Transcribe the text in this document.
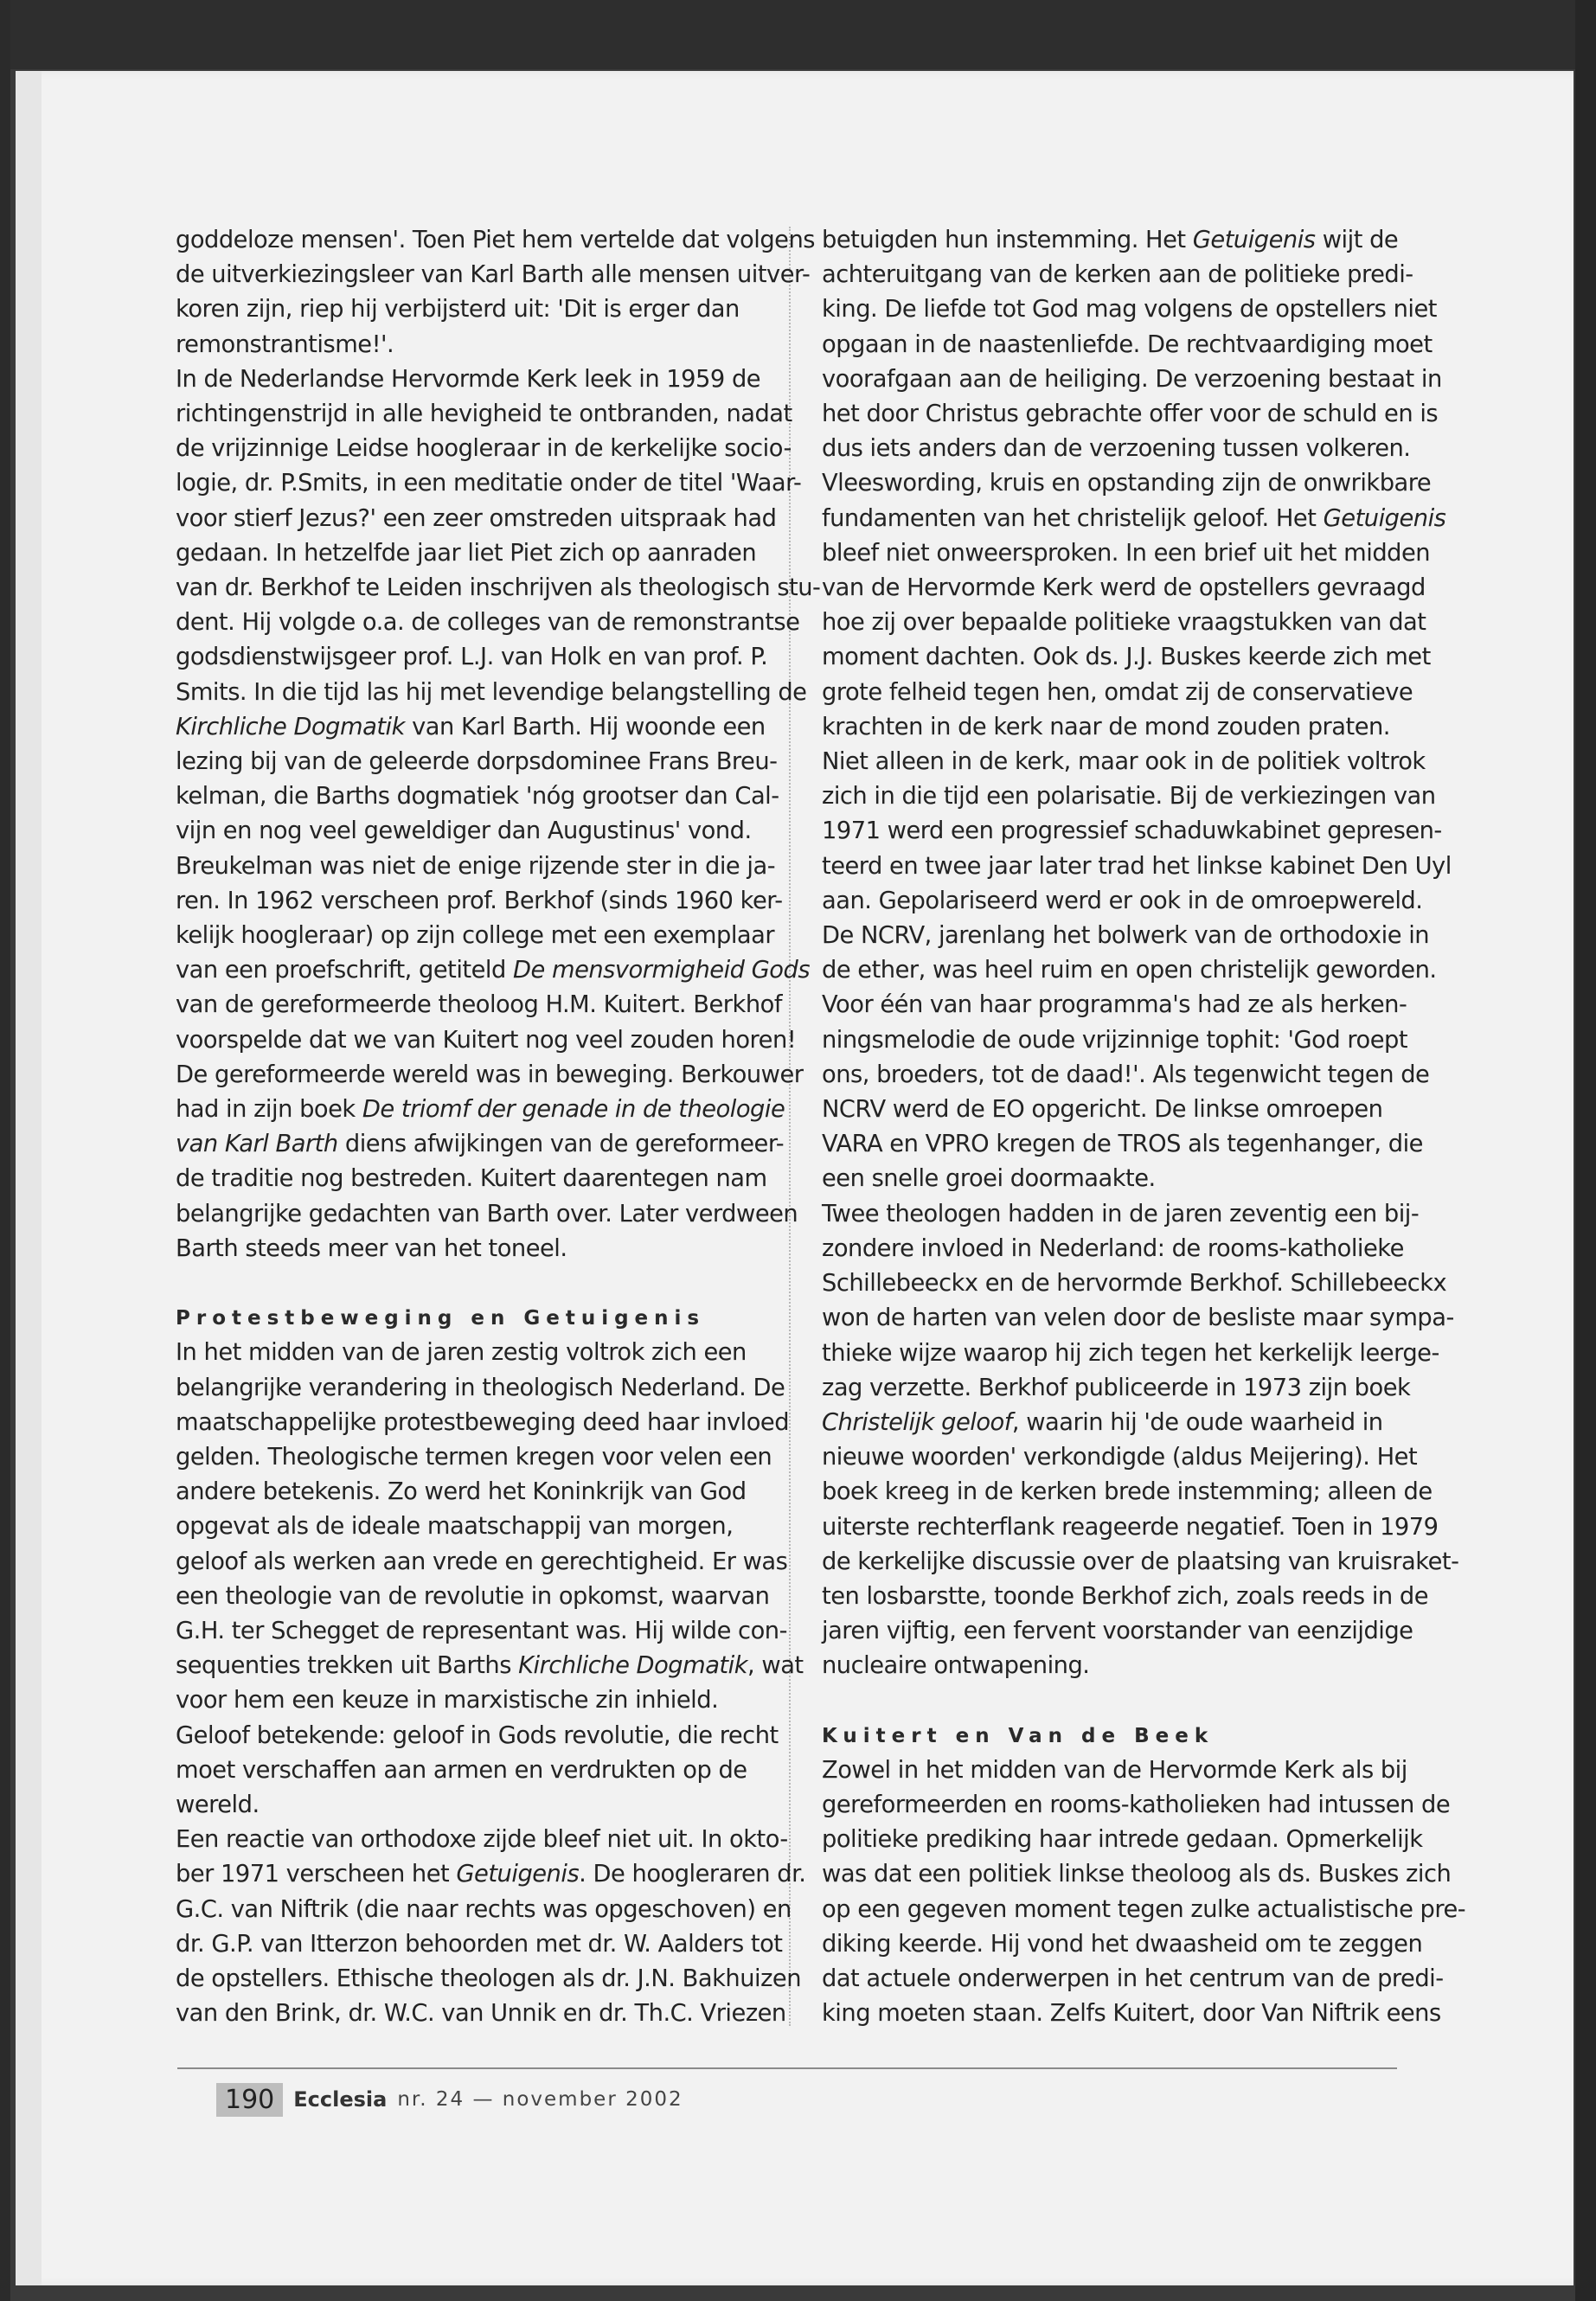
goddeloze mensen'. Toen Piet hem vertelde dat volgens
de uitverkiezingsleer van Karl Barth alle mensen uitver-
koren zijn, riep hij verbijsterd uit: 'Dit is erger dan
remonstrantisme!'.
In de Nederlandse Hervormde Kerk leek in 1959 de
richtingenstrijd in alle hevigheid te ontbranden, nadat
de vrijzinnige Leidse hoogleraar in de kerkelijke socio-
logie, dr. P.Smits, in een meditatie onder de titel 'Waar-
voor stierf Jezus?' een zeer omstreden uitspraak had
gedaan. In hetzelfde jaar liet Piet zich op aanraden
van dr. Berkhof te Leiden inschrijven als theologisch stu-
dent. Hij volgde o.a. de colleges van de remonstrantse
godsdienstwijsgeer prof. L.J. van Holk en van prof. P.
Smits. In die tijd las hij met levendige belangstelling de
Kirchliche Dogmatik van Karl Barth. Hij woonde een
lezing bij van de geleerde dorpsdominee Frans Breu-
kelman, die Barths dogmatiek 'nóg grootser dan Cal-
vijn en nog veel geweldiger dan Augustinus' vond.
Breukelman was niet de enige rijzende ster in die ja-
ren. In 1962 verscheen prof. Berkhof (sinds 1960 ker-
kelijk hoogleraar) op zijn college met een exemplaar
van een proefschrift, getiteld De mensvormigheid Gods
van de gereformeerde theoloog H.M. Kuitert. Berkhof
voorspelde dat we van Kuitert nog veel zouden horen!
De gereformeerde wereld was in beweging. Berkouwer
had in zijn boek De triomf der genade in de theologie
van Karl Barth diens afwijkingen van de gereformeer-
de traditie nog bestreden. Kuitert daarentegen nam
belangrijke gedachten van Barth over. Later verdween
Barth steeds meer van het toneel.
Protestbeweging en Getuigenis
In het midden van de jaren zestig voltrok zich een
belangrijke verandering in theologisch Nederland. De
maatschappelijke protestbeweging deed haar invloed
gelden. Theologische termen kregen voor velen een
andere betekenis. Zo werd het Koninkrijk van God
opgevat als de ideale maatschappij van morgen,
geloof als werken aan vrede en gerechtigheid. Er was
een theologie van de revolutie in opkomst, waarvan
G.H. ter Schegget de representant was. Hij wilde con-
sequenties trekken uit Barths Kirchliche Dogmatik, wat
voor hem een keuze in marxistische zin inhield.
Geloof betekende: geloof in Gods revolutie, die recht
moet verschaffen aan armen en verdrukten op de
wereld.
Een reactie van orthodoxe zijde bleef niet uit. In okto-
ber 1971 verscheen het Getuigenis. De hoogleraren dr.
G.C. van Niftrik (die naar rechts was opgeschoven) en
dr. G.P. van Itterzon behoorden met dr. W. Aalders tot
de opstellers. Ethische theologen als dr. J.N. Bakhuizen
van den Brink, dr. W.C. van Unnik en dr. Th.C. Vriezen
betuigden hun instemming. Het Getuigenis wijt de
achteruitgang van de kerken aan de politieke predi-
king. De liefde tot God mag volgens de opstellers niet
opgaan in de naastenliefde. De rechtvaardiging moet
voorafgaan aan de heiliging. De verzoening bestaat in
het door Christus gebrachte offer voor de schuld en is
dus iets anders dan de verzoening tussen volkeren.
Vleeswording, kruis en opstanding zijn de onwrikbare
fundamenten van het christelijk geloof. Het Getuigenis
bleef niet onweersproken. In een brief uit het midden
van de Hervormde Kerk werd de opstellers gevraagd
hoe zij over bepaalde politieke vraagstukken van dat
moment dachten. Ook ds. J.J. Buskes keerde zich met
grote felheid tegen hen, omdat zij de conservatieve
krachten in de kerk naar de mond zouden praten.
Niet alleen in de kerk, maar ook in de politiek voltrok
zich in die tijd een polarisatie. Bij de verkiezingen van
1971 werd een progressief schaduwkabinet gepresen-
teerd en twee jaar later trad het linkse kabinet Den Uyl
aan. Gepolariseerd werd er ook in de omroepwereld.
De NCRV, jarenlang het bolwerk van de orthodoxie in
de ether, was heel ruim en open christelijk geworden.
Voor één van haar programma's had ze als herken-
ningsmelodie de oude vrijzinnige tophit: 'God roept
ons, broeders, tot de daad!'. Als tegenwicht tegen de
NCRV werd de EO opgericht. De linkse omroepen
VARA en VPRO kregen de TROS als tegenhanger, die
een snelle groei doormaakte.
Twee theologen hadden in de jaren zeventig een bij-
zondere invloed in Nederland: de rooms-katholieke
Schillebeeckx en de hervormde Berkhof. Schillebeeckx
won de harten van velen door de besliste maar sympa-
thieke wijze waarop hij zich tegen het kerkelijk leerge-
zag verzette. Berkhof publiceerde in 1973 zijn boek
Christelijk geloof, waarin hij 'de oude waarheid in
nieuwe woorden' verkondigde (aldus Meijering). Het
boek kreeg in de kerken brede instemming; alleen de
uiterste rechterflank reageerde negatief. Toen in 1979
de kerkelijke discussie over de plaatsing van kruisraket-
ten losbarstte, toonde Berkhof zich, zoals reeds in de
jaren vijftig, een fervent voorstander van eenzijdige
nucleaire ontwapening.
Kuitert en Van de Beek
Zowel in het midden van de Hervormde Kerk als bij
gereformeerden en rooms-katholieken had intussen de
politieke prediking haar intrede gedaan. Opmerkelijk
was dat een politiek linkse theoloog als ds. Buskes zich
op een gegeven moment tegen zulke actualistische pre-
diking keerde. Hij vond het dwaasheid om te zeggen
dat actuele onderwerpen in het centrum van de predi-
king moeten staan. Zelfs Kuitert, door Van Niftrik eens
190 Ecclesia nr. 24 — november 2002
